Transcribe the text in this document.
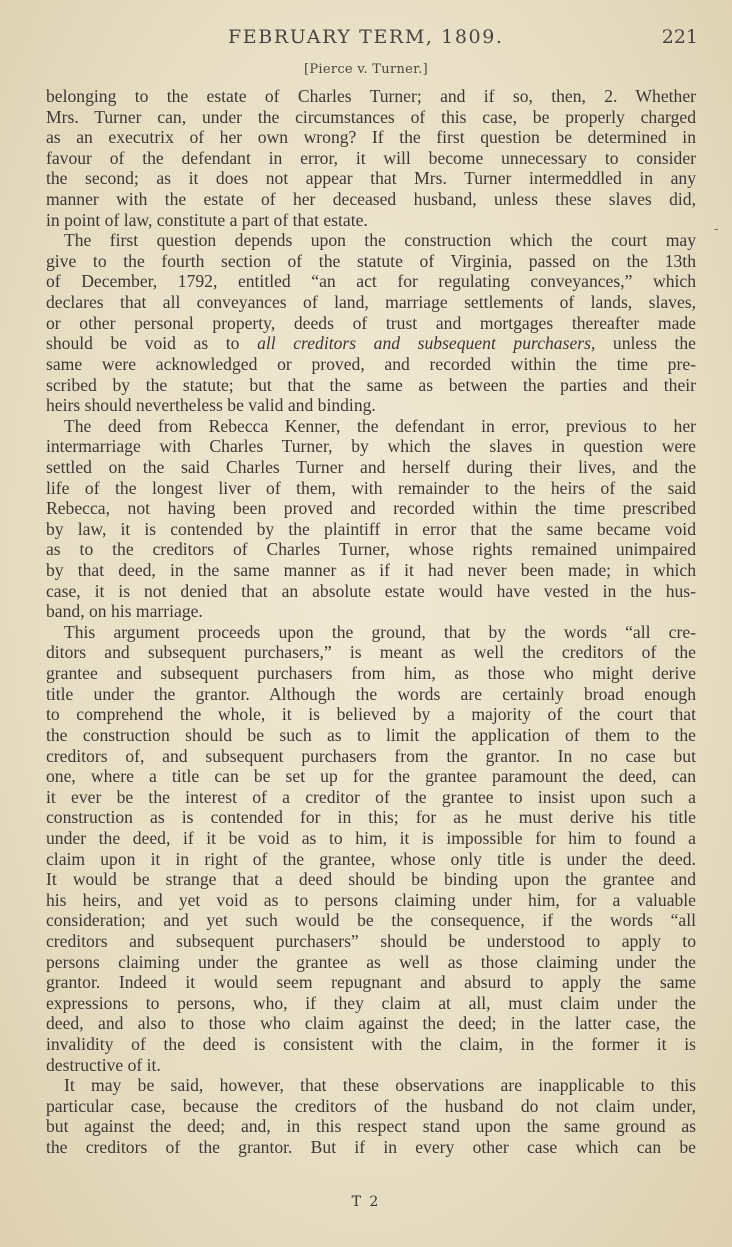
FEBRUARY TERM, 1809.	221
[Pierce v. Turner.]
belonging to the estate of Charles Turner; and if so, then, 2. Whether
Mrs. Turner can, under the circumstances of this case, be properly charged
as an executrix of her own wrong? If the first question be determined in
favour of the defendant in error, it will become unnecessary to consider
the second; as it does not appear that Mrs. Turner intermeddled in any
manner with the estate of her deceased husband, unless these slaves did,
in point of law, constitute a part of that estate.
The first question depends upon the construction which the court may
give to the fourth section of the statute of Virginia, passed on the 13th
of December, 1792, entitled “an act for regulating conveyances,” which
declares that all conveyances of land, marriage settlements of lands, slaves,
or other personal property, deeds of trust and mortgages thereafter made
should be void as to all creditors and subsequent purchasers, unless the
same were acknowledged or proved, and recorded within the time pre-
scribed by the statute; but that the same as between the parties and their
heirs should nevertheless be valid and binding.
The deed from Rebecca Kenner, the defendant in error, previous to her
intermarriage with Charles Turner, by which the slaves in question were
settled on the said Charles Turner and herself during their lives, and the
life of the longest liver of them, with remainder to the heirs of the said
Rebecca, not having been proved and recorded within the time prescribed
by law, it is contended by the plaintiff in error that the same became void
as to the creditors of Charles Turner, whose rights remained unimpaired
by that deed, in the same manner as if it had never been made; in which
case, it is not denied that an absolute estate would have vested in the hus-
band, on his marriage.
This argument proceeds upon the ground, that by the words “all cre-
ditors and subsequent purchasers,” is meant as well the creditors of the
grantee and subsequent purchasers from him, as those who might derive
title under the grantor. Although the words are certainly broad enough
to comprehend the whole, it is believed by a majority of the court that
the construction should be such as to limit the application of them to the
creditors of, and subsequent purchasers from the grantor. In no case but
one, where a title can be set up for the grantee paramount the deed, can
it ever be the interest of a creditor of the grantee to insist upon such a
construction as is contended for in this; for as he must derive his title
under the deed, if it be void as to him, it is impossible for him to found a
claim upon it in right of the grantee, whose only title is under the deed.
It would be strange that a deed should be binding upon the grantee and
his heirs, and yet void as to persons claiming under him, for a valuable
consideration; and yet such would be the consequence, if the words “all
creditors and subsequent purchasers” should be understood to apply to
persons claiming under the grantee as well as those claiming under the
grantor. Indeed it would seem repugnant and absurd to apply the same
expressions to persons, who, if they claim at all, must claim under the
deed, and also to those who claim against the deed; in the latter case, the
invalidity of the deed is consistent with the claim, in the former it is
destructive of it.
It may be said, however, that these observations are inapplicable to this
particular case, because the creditors of the husband do not claim under,
but against the deed; and, in this respect stand upon the same ground as
the creditors of the grantor. But if in every other case which can be
-
T 2
